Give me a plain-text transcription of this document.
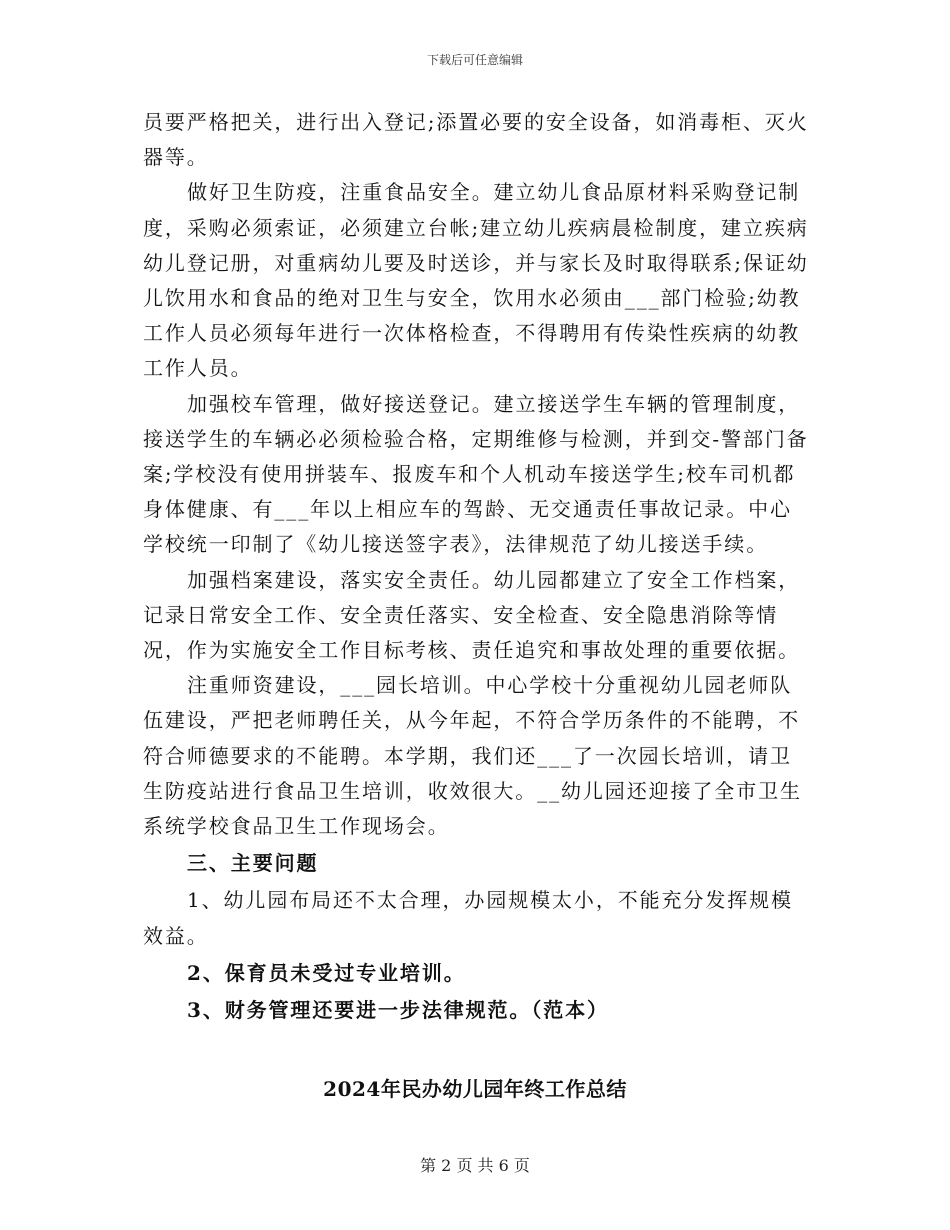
下载后可任意编辑

员要严格把关，进行出入登记;添置必要的安全设备，如消毒柜、灭火器等。

做好卫生防疫，注重食品安全。建立幼儿食品原材料采购登记制度，采购必须索证，必须建立台帐;建立幼儿疾病晨检制度，建立疾病幼儿登记册，对重病幼儿要及时送诊，并与家长及时取得联系;保证幼儿饮用水和食品的绝对卫生与安全，饮用水必须由___部门检验;幼教工作人员必须每年进行一次体格检查，不得聘用有传染性疾病的幼教工作人员。

加强校车管理，做好接送登记。建立接送学生车辆的管理制度，接送学生的车辆必必须检验合格，定期维修与检测，并到交-警部门备案;学校没有使用拼装车、报废车和个人机动车接送学生;校车司机都身体健康、有___年以上相应车的驾龄、无交通责任事故记录。中心学校统一印制了《幼儿接送签字表》，法律规范了幼儿接送手续。

加强档案建设，落实安全责任。幼儿园都建立了安全工作档案，记录日常安全工作、安全责任落实、安全检查、安全隐患消除等情况，作为实施安全工作目标考核、责任追究和事故处理的重要依据。

注重师资建设，___园长培训。中心学校十分重视幼儿园老师队伍建设，严把老师聘任关，从今年起，不符合学历条件的不能聘，不符合师德要求的不能聘。本学期，我们还___了一次园长培训，请卫生防疫站进行食品卫生培训，收效很大。__幼儿园还迎接了全市卫生系统学校食品卫生工作现场会。

三、主要问题

1、幼儿园布局还不太合理，办园规模太小，不能充分发挥规模效益。

2、保育员未受过专业培训。

3、财务管理还要进一步法律规范。（范本）

2024年民办幼儿园年终工作总结
第 2 页 共 6 页
